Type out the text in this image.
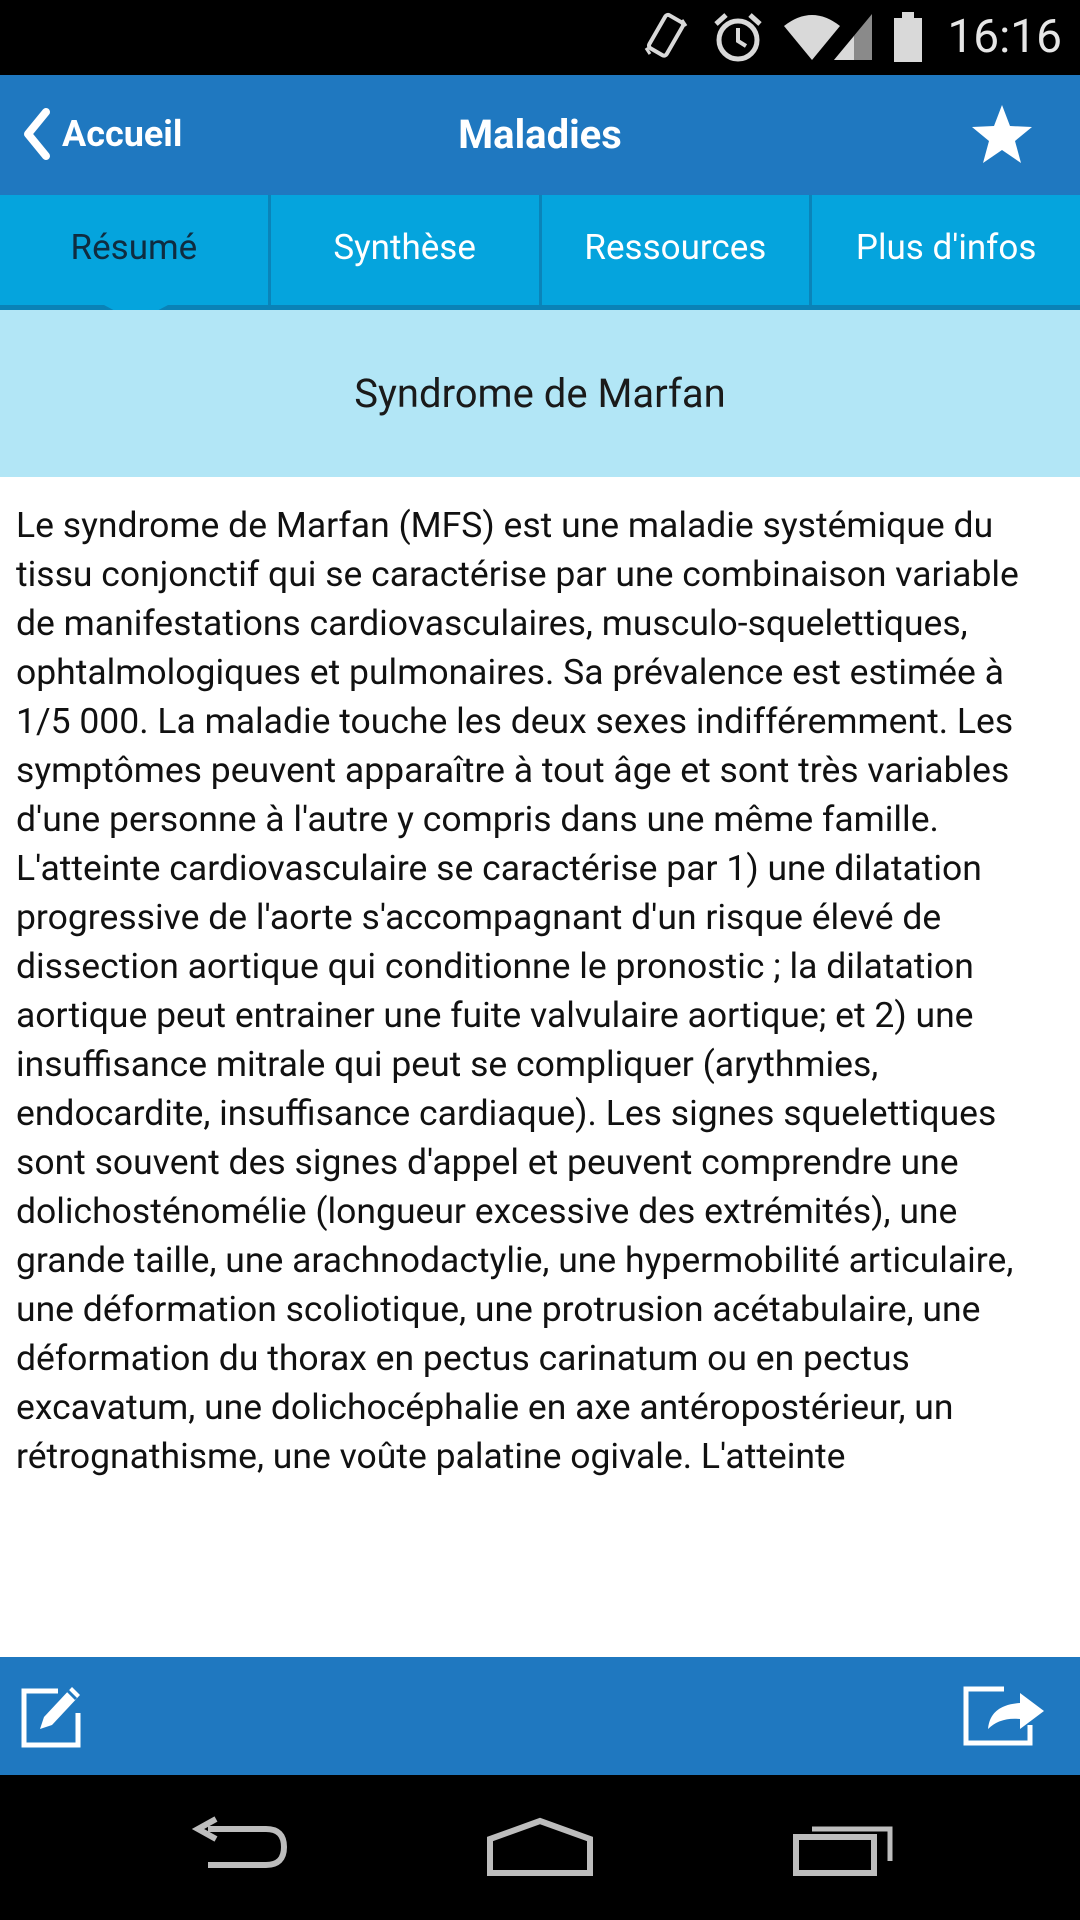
16:16
Accueil	Maladies
Résumé	Synthèse	Ressources	Plus d'infos
Syndrome de Marfan

Le syndrome de Marfan (MFS) est une maladie systémique du tissu conjonctif qui se caractérise par une combinaison variable de manifestations cardiovasculaires, musculo-squelettiques, ophtalmologiques et pulmonaires. Sa prévalence est estimée à 1/5 000. La maladie touche les deux sexes indifféremment. Les symptômes peuvent apparaître à tout âge et sont très variables d'une personne à l'autre y compris dans une même famille. L'atteinte cardiovasculaire se caractérise par 1) une dilatation progressive de l'aorte s'accompagnant d'un risque élevé de dissection aortique qui conditionne le pronostic ; la dilatation aortique peut entrainer une fuite valvulaire aortique; et 2) une insuffisance mitrale qui peut se compliquer (arythmies, endocardite, insuffisance cardiaque). Les signes squelettiques sont souvent des signes d'appel et peuvent comprendre une dolichosténomélie (longueur excessive des extrémités), une grande taille, une arachnodactylie, une hypermobilité articulaire, une déformation scoliotique, une protrusion acétabulaire, une déformation du thorax en pectus carinatum ou en pectus excavatum, une dolichocéphalie en axe antéropostérieur, un rétrognathisme, une voûte palatine ogivale. L'atteinte
